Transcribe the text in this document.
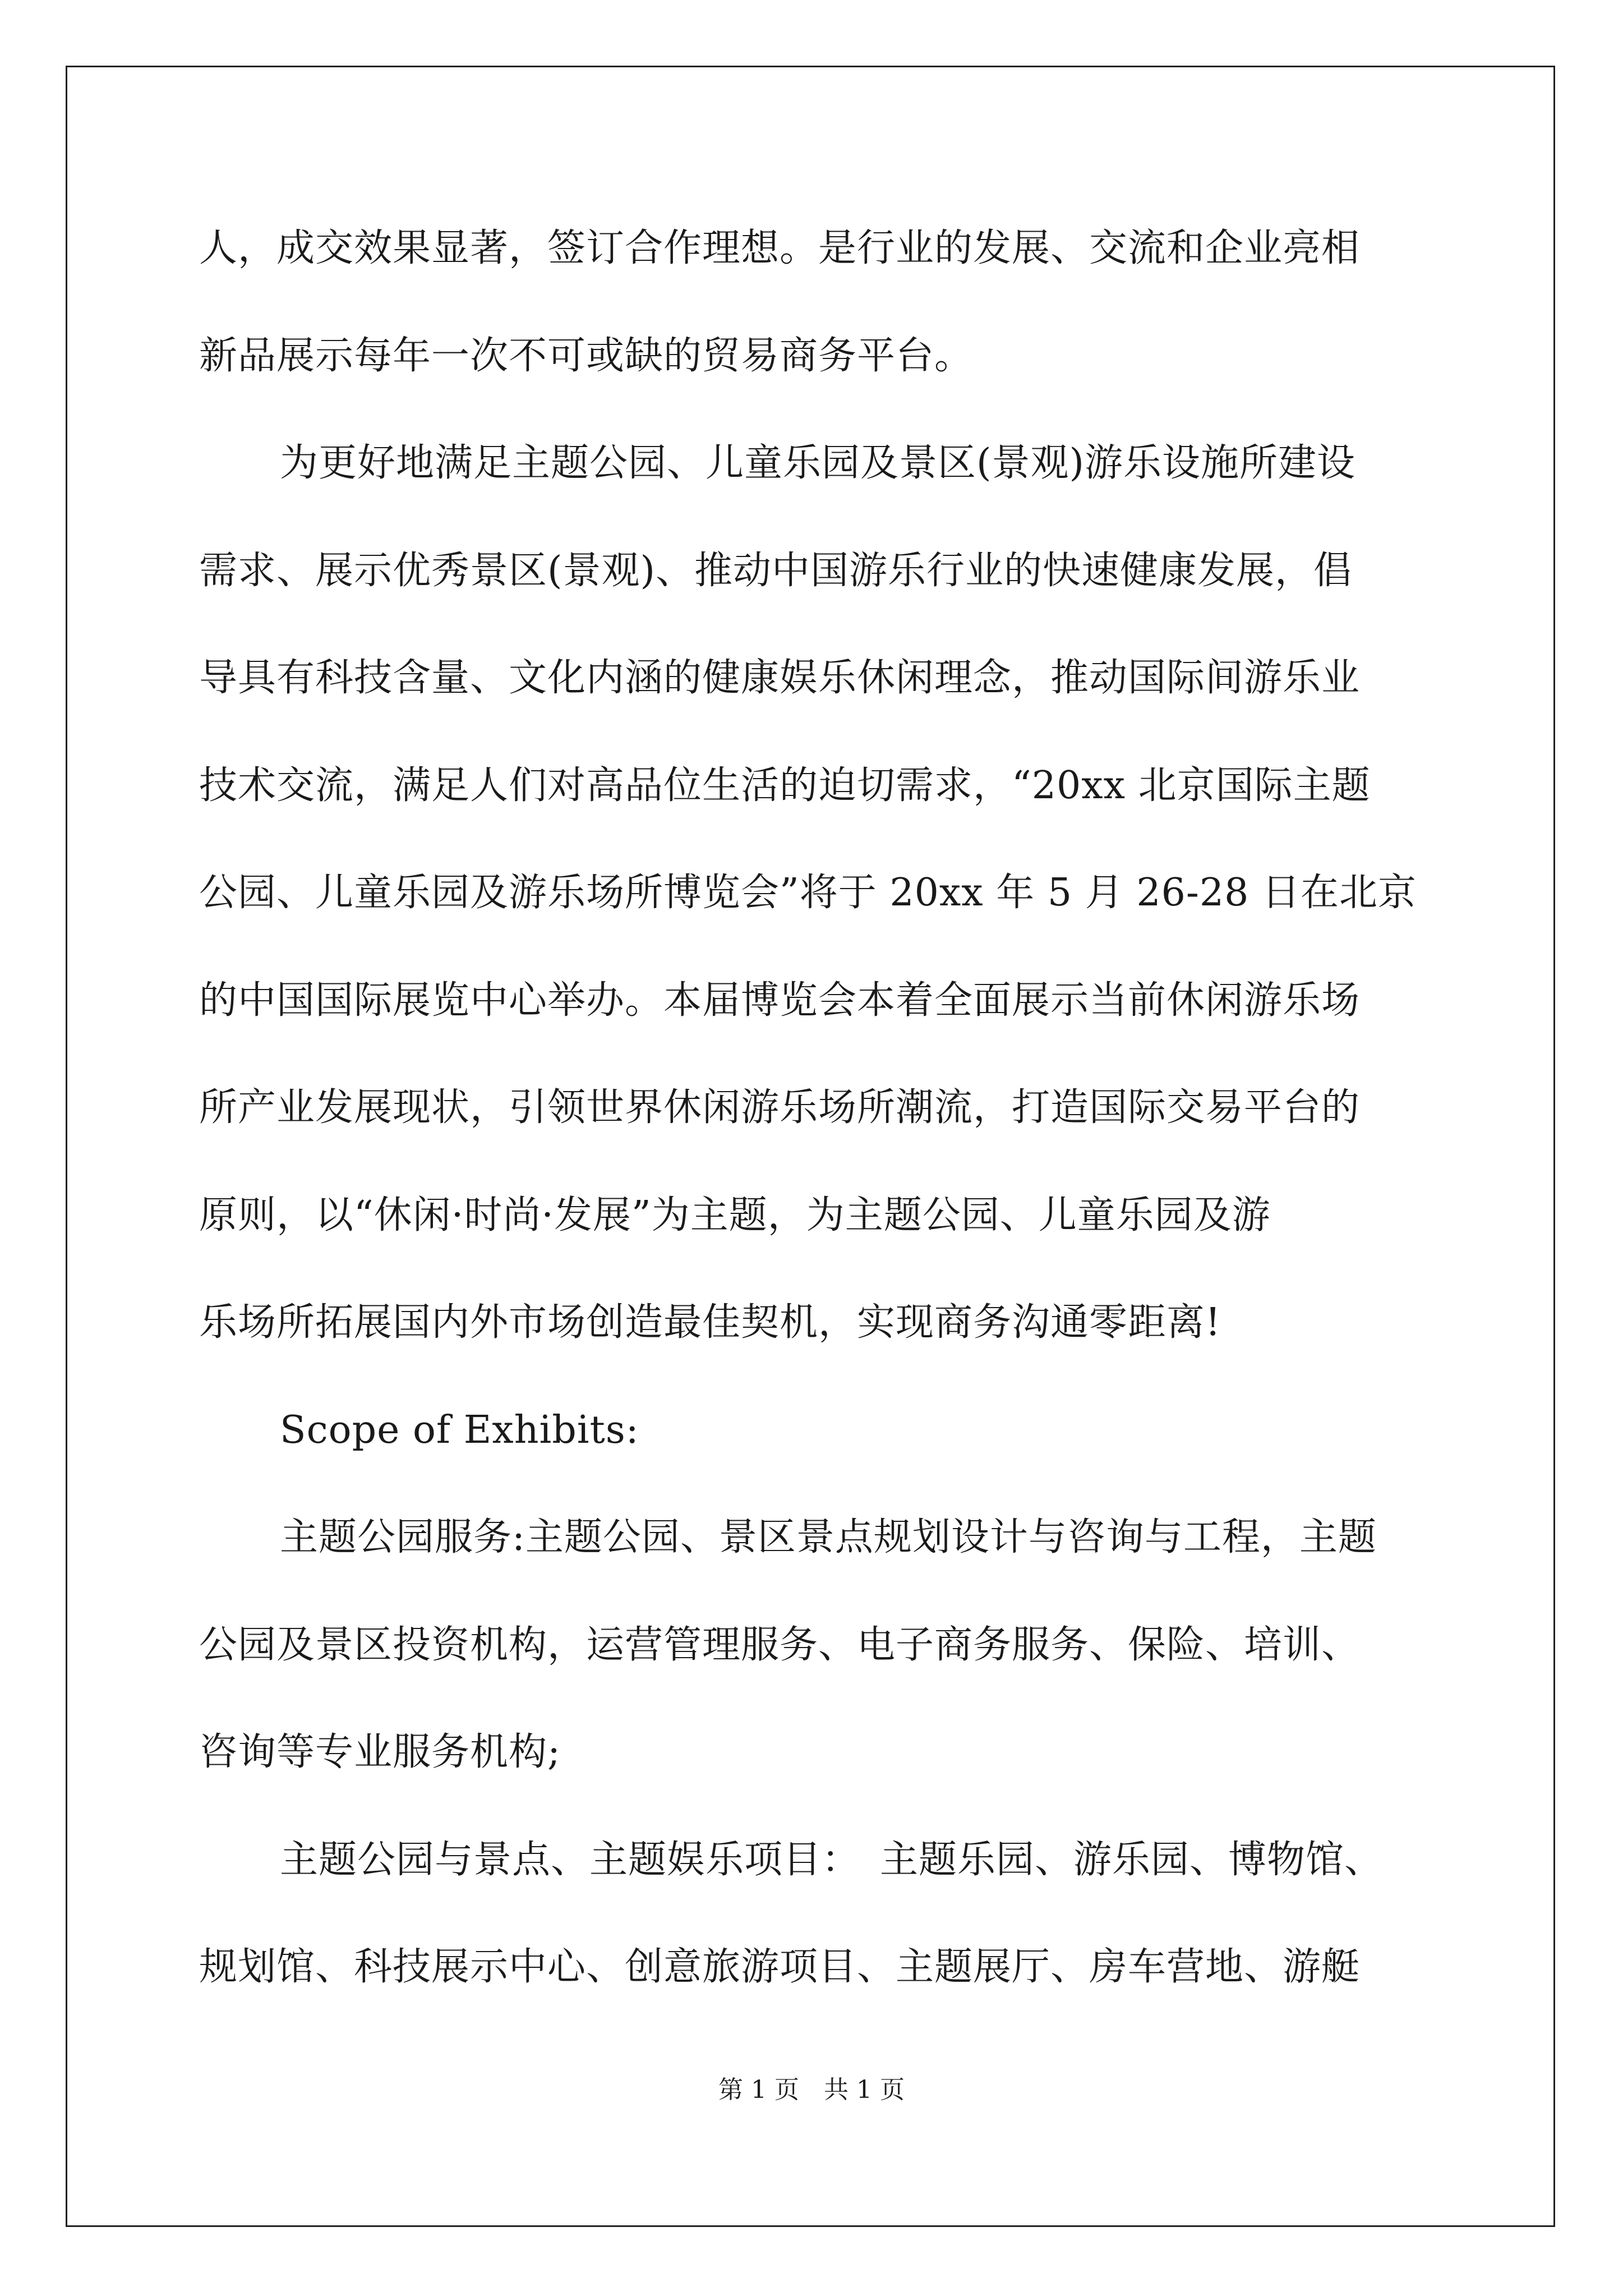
人，成交效果显著，签订合作理想。是行业的发展、交流和企业亮相
新品展示每年一次不可或缺的贸易商务平台。
为更好地满足主题公园、儿童乐园及景区(景观)游乐设施所建设
需求、展示优秀景区(景观)、推动中国游乐行业的快速健康发展，倡
导具有科技含量、文化内涵的健康娱乐休闲理念，推动国际间游乐业
技术交流，满足人们对高品位生活的迫切需求，“20xx 北京国际主题
公园、儿童乐园及游乐场所博览会”将于 20xx 年 5 月 26-28 日在北京
的中国国际展览中心举办。本届博览会本着全面展示当前休闲游乐场
所产业发展现状，引领世界休闲游乐场所潮流，打造国际交易平台的
原则，以“休闲·时尚·发展”为主题，为主题公园、儿童乐园及游
乐场所拓展国内外市场创造最佳契机，实现商务沟通零距离!
Scope of Exhibits:
主题公园服务:主题公园、景区景点规划设计与咨询与工程，主题
公园及景区投资机构，运营管理服务、电子商务服务、保险、培训、
咨询等专业服务机构;
主题公园与景点、主题娱乐项目：　主题乐园、游乐园、博物馆、
规划馆、科技展示中心、创意旅游项目、主题展厅、房车营地、游艇
第 1 页　共 1 页
